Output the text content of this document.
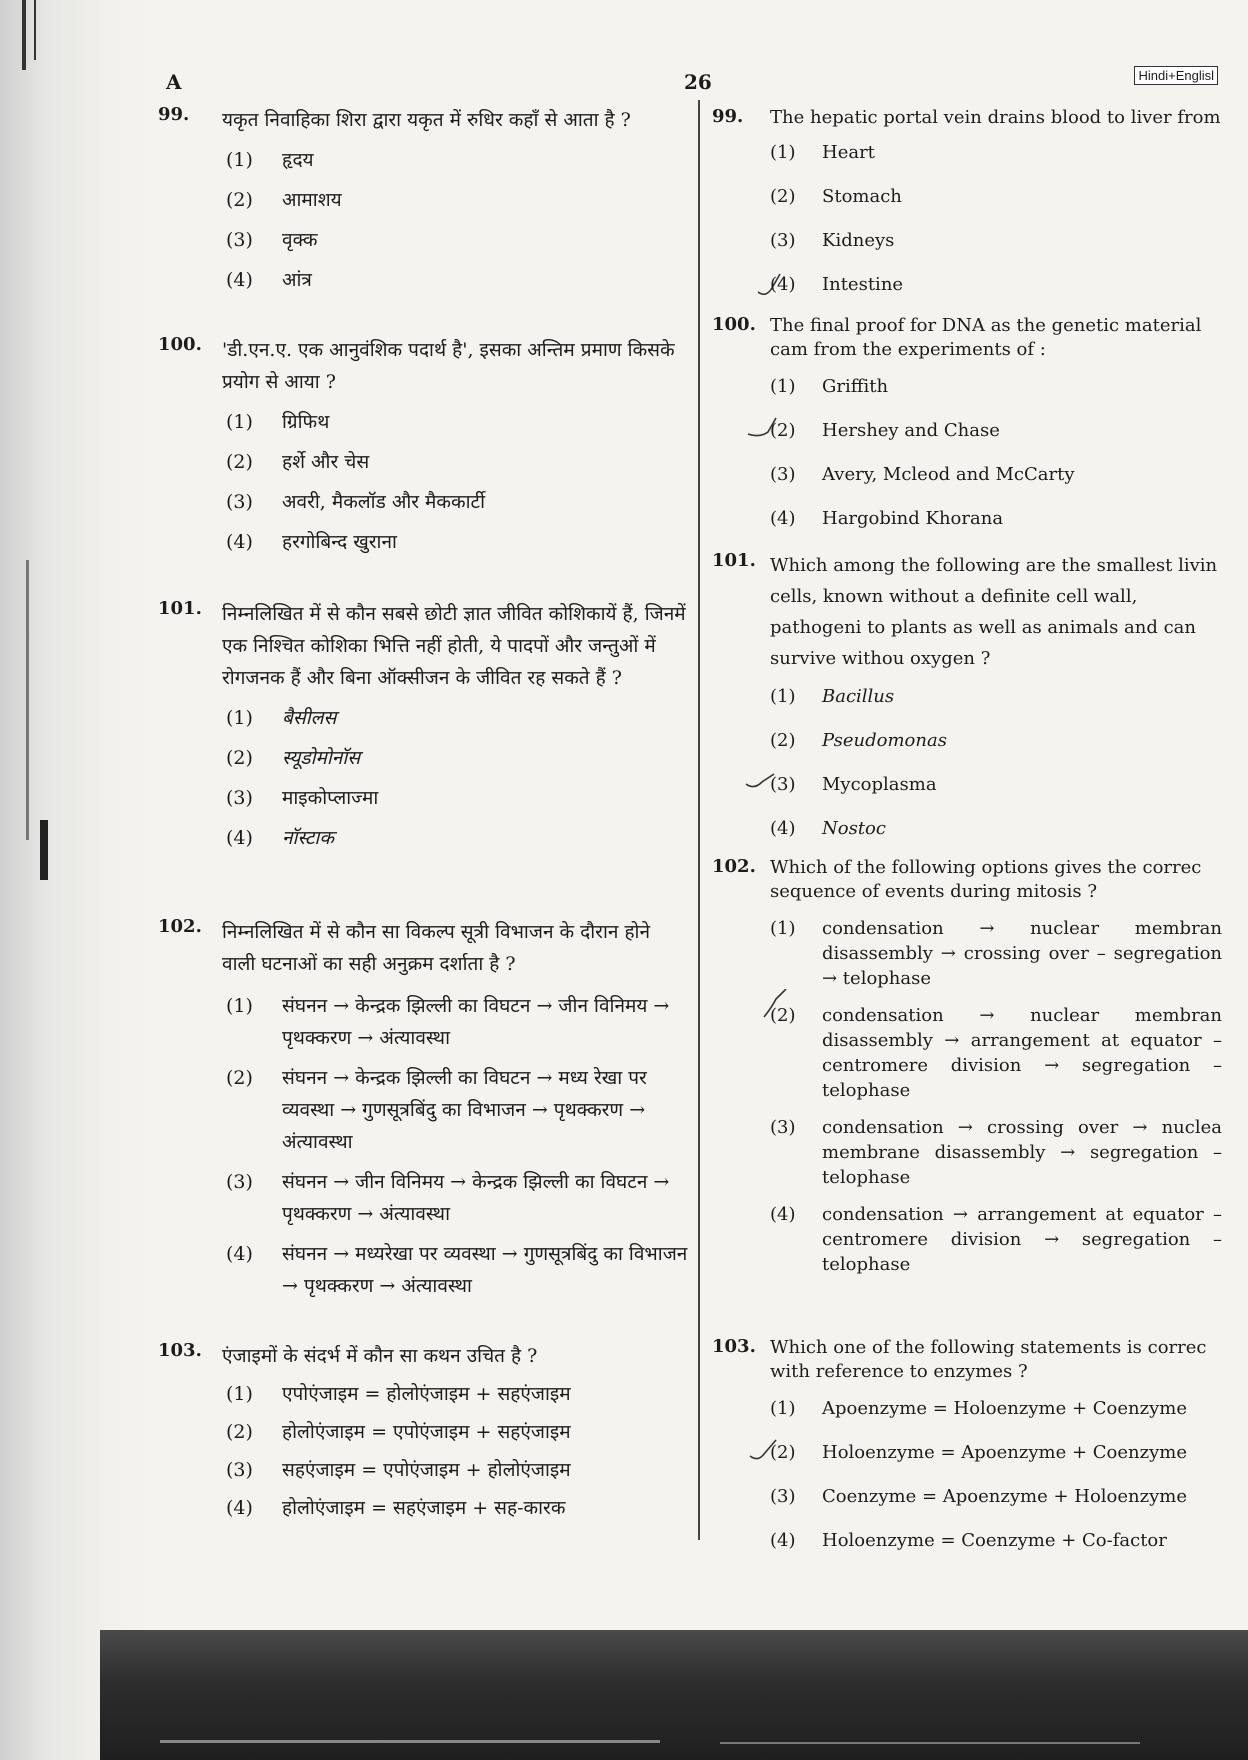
A	26	Hindi+Englisl
99. यकृत निवाहिका शिरा द्वारा यकृत में रुधिर कहाँ से आता है ?
(1)	हृदय
(2)	आमाशय
(3)	वृक्क
(4)	आंत्र
100. 'डी.एन.ए. एक आनुवंशिक पदार्थ है', इसका अन्तिम प्रमाण किसके प्रयोग से आया ?
(1)	ग्रिफिथ
(2)	हर्शे और चेस
(3)	अवरी, मैकलॉड और मैककार्टी
(4)	हरगोबिन्द खुराना
101. निम्नलिखित में से कौन सबसे छोटी ज्ञात जीवित कोशिकायें हैं, जिनमें एक निश्चित कोशिका भित्ति नहीं होती, ये पादपों और जन्तुओं में रोगजनक हैं और बिना ऑक्सीजन के जीवित रह सकते हैं ?
(1)	बैसीलस
(2)	स्यूडोमोनॉस
(3)	माइकोप्लाज्मा
(4)	नॉस्टाक
102. निम्नलिखित में से कौन सा विकल्प सूत्री विभाजन के दौरान होने वाली घटनाओं का सही अनुक्रम दर्शाता है ?
(1)	संघनन → केन्द्रक झिल्ली का विघटन → जीन विनिमय → पृथक्करण → अंत्यावस्था
(2)	संघनन → केन्द्रक झिल्ली का विघटन → मध्य रेखा पर व्यवस्था → गुणसूत्रबिंदु का विभाजन → पृथक्करण → अंत्यावस्था
(3)	संघनन → जीन विनिमय → केन्द्रक झिल्ली का विघटन → पृथक्करण → अंत्यावस्था
(4)	संघनन → मध्यरेखा पर व्यवस्था → गुणसूत्रबिंदु का विभाजन → पृथक्करण → अंत्यावस्था
103. एंजाइमों के संदर्भ में कौन सा कथन उचित है ?
(1)	एपोएंजाइम = होलोएंजाइम + सहएंजाइम
(2)	होलोएंजाइम = एपोएंजाइम + सहएंजाइम
(3)	सहएंजाइम = एपोएंजाइम + होलोएंजाइम
(4)	होलोएंजाइम = सहएंजाइम + सह-कारक
99. The hepatic portal vein drains blood to liver from
(1)	Heart
(2)	Stomach
(3)	Kidneys
(4)	Intestine
100. The final proof for DNA as the genetic material cam from the experiments of :
(1)	Griffith
(2)	Hershey and Chase
(3)	Avery, Mcleod and McCarty
(4)	Hargobind Khorana
101. Which among the following are the smallest livin cells, known without a definite cell wall, pathogeni to plants as well as animals and can survive withou oxygen ?
(1)	Bacillus
(2)	Pseudomonas
(3)	Mycoplasma
(4)	Nostoc
102. Which of the following options gives the correc sequence of events during mitosis ?
(1)	condensation → nuclear membran disassembly → crossing over – segregation → telophase
(2)	condensation → nuclear membran disassembly → arrangement at equator – centromere division → segregation – telophase
(3)	condensation → crossing over → nuclea membrane disassembly → segregation – telophase
(4)	condensation → arrangement at equator – centromere division → segregation – telophase
103. Which one of the following statements is correc with reference to enzymes ?
(1)	Apoenzyme = Holoenzyme + Coenzyme
(2)	Holoenzyme = Apoenzyme + Coenzyme
(3)	Coenzyme = Apoenzyme + Holoenzyme
(4)	Holoenzyme = Coenzyme + Co-factor
